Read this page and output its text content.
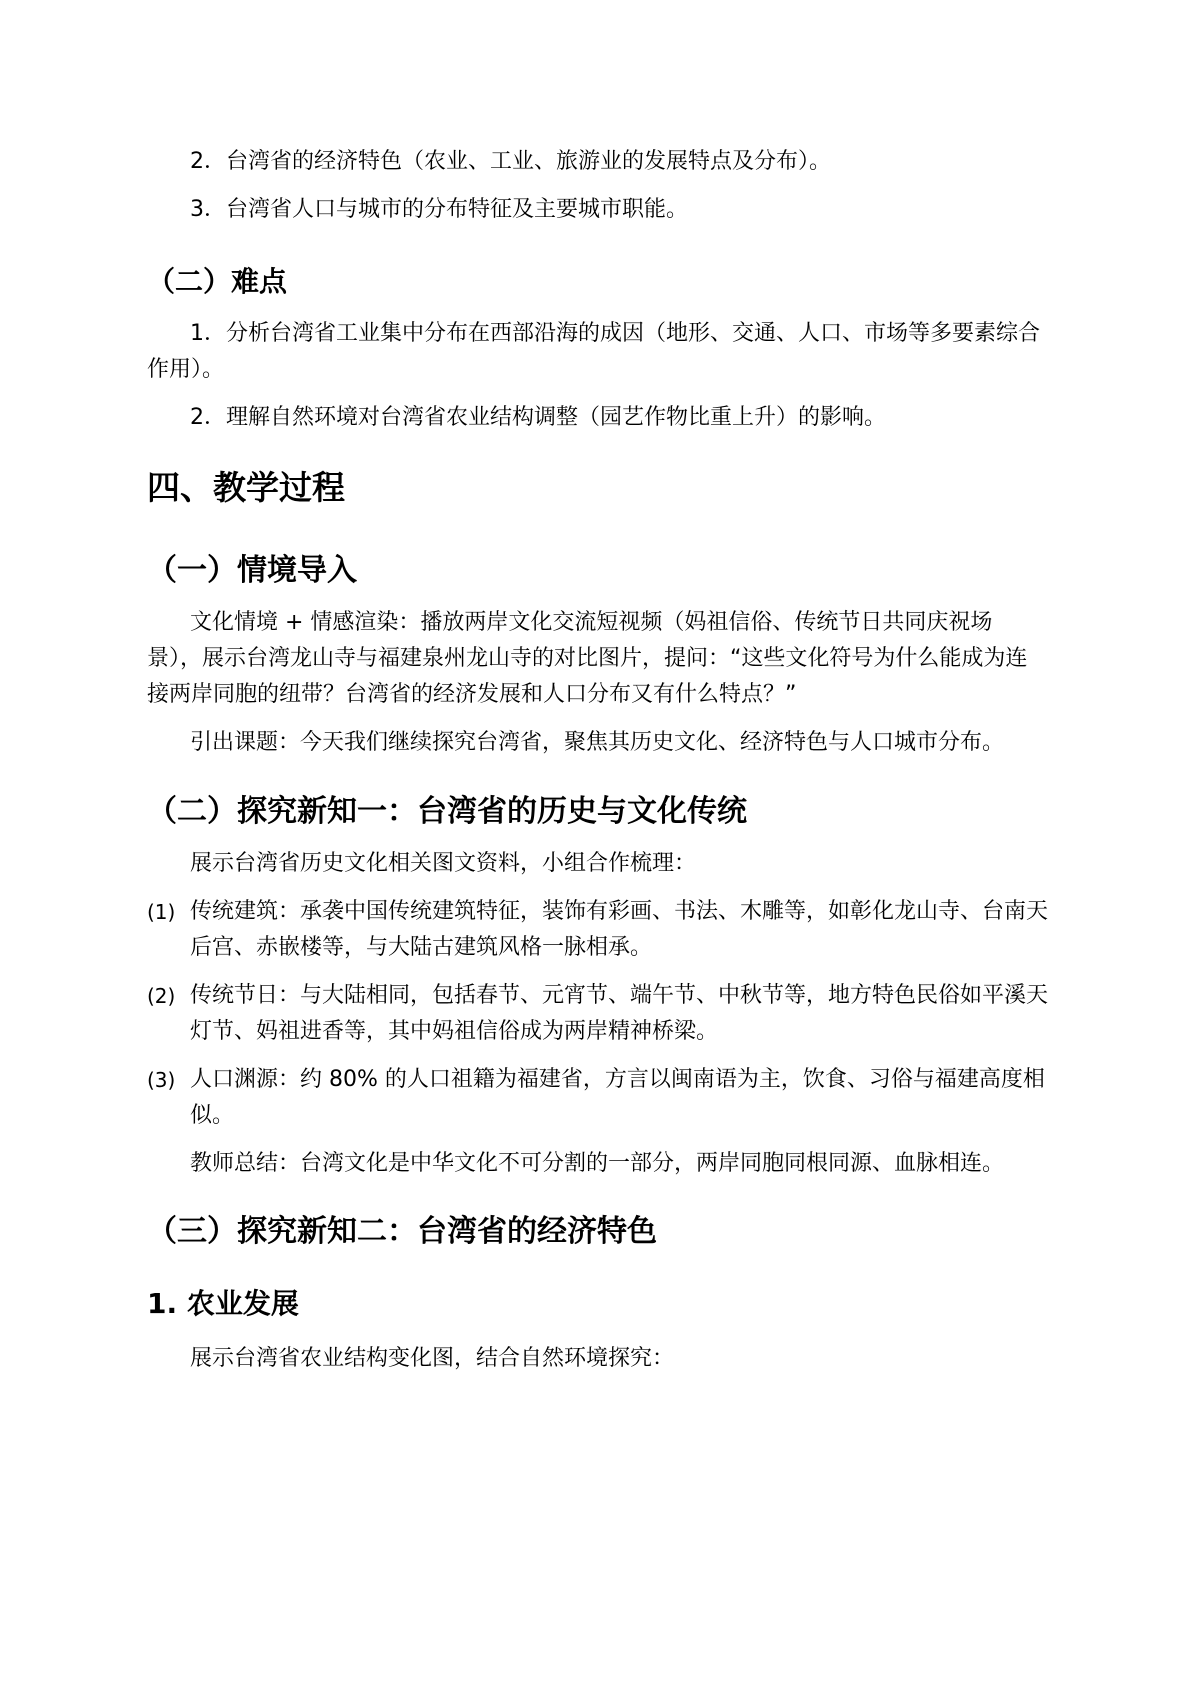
2．台湾省的经济特色（农业、工业、旅游业的发展特点及分布）。
3．台湾省人口与城市的分布特征及主要城市职能。
（二）难点
1．分析台湾省工业集中分布在西部沿海的成因（地形、交通、人口、市场等多要素综合
作用）。
2．理解自然环境对台湾省农业结构调整（园艺作物比重上升）的影响。
四、教学过程
（一）情境导入
文化情境 + 情感渲染：播放两岸文化交流短视频（妈祖信俗、传统节日共同庆祝场
景），展示台湾龙山寺与福建泉州龙山寺的对比图片，提问：“这些文化符号为什么能成为连
接两岸同胞的纽带？台湾省的经济发展和人口分布又有什么特点？”
引出课题：今天我们继续探究台湾省，聚焦其历史文化、经济特色与人口城市分布。
（二）探究新知一：台湾省的历史与文化传统
展示台湾省历史文化相关图文资料，小组合作梳理：
(1) 传统建筑：承袭中国传统建筑特征，装饰有彩画、书法、木雕等，如彰化龙山寺、台南天
后宫、赤嵌楼等，与大陆古建筑风格一脉相承。
(2) 传统节日：与大陆相同，包括春节、元宵节、端午节、中秋节等，地方特色民俗如平溪天
灯节、妈祖进香等，其中妈祖信俗成为两岸精神桥梁。
(3) 人口渊源：约 80% 的人口祖籍为福建省，方言以闽南语为主，饮食、习俗与福建高度相
似。
教师总结：台湾文化是中华文化不可分割的一部分，两岸同胞同根同源、血脉相连。
（三）探究新知二：台湾省的经济特色
1. 农业发展
展示台湾省农业结构变化图，结合自然环境探究：
